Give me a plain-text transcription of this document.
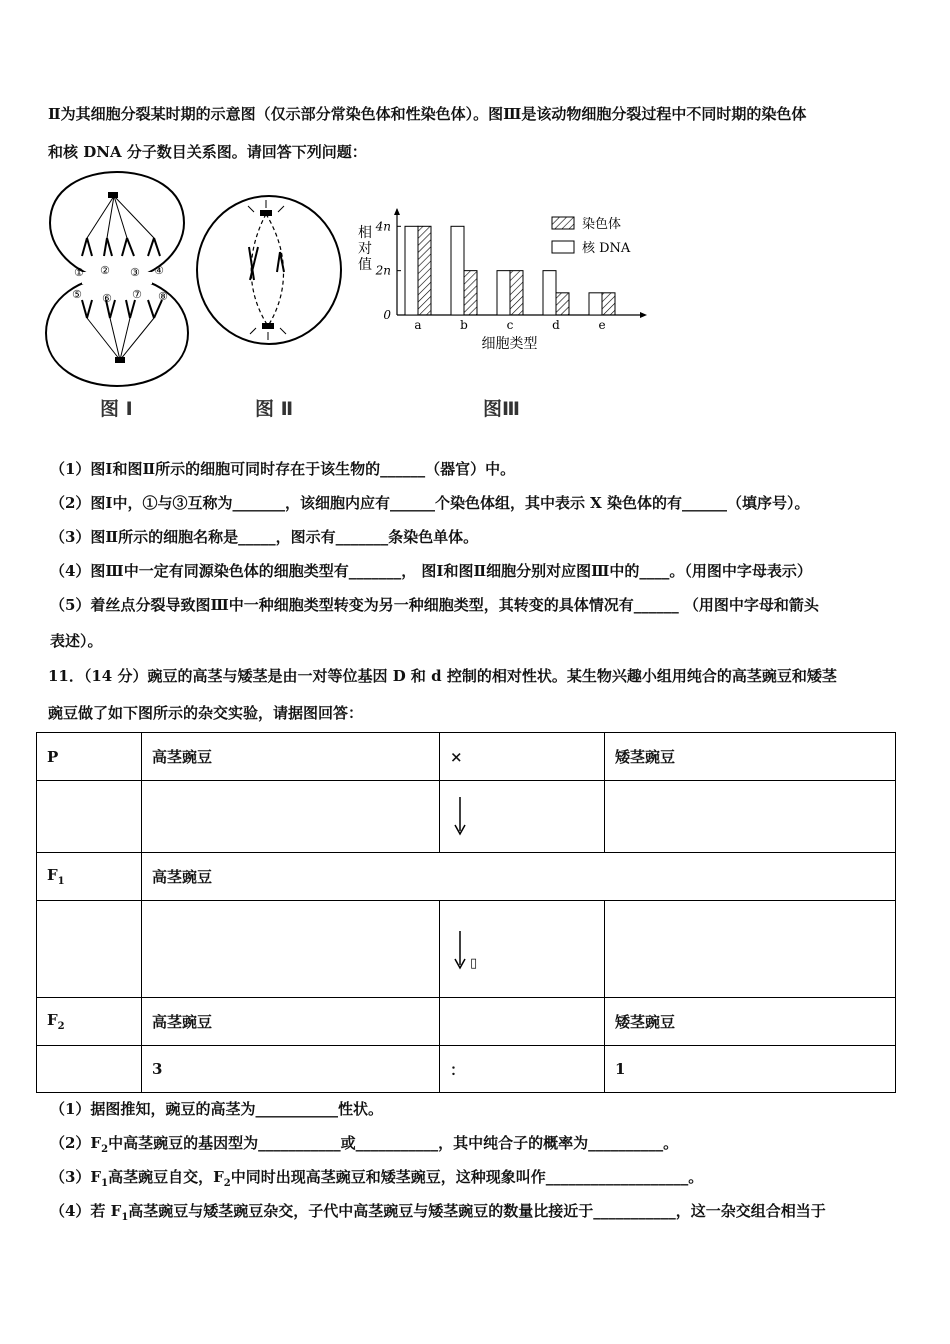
Ⅱ为其细胞分裂某时期的示意图（仅示部分常染色体和性染色体）。图Ⅲ是该动物细胞分裂过程中不同时期的染色体
和核 DNA 分子数目关系图。请回答下列问题：
① ② ③ ④
⑤ ⑥ ⑦ ⑧
图 Ⅰ	图 Ⅱ
相
对
值
0
2n
4n
a	b	c	d	e
细胞类型
染色体
核 DNA
图Ⅲ
（1）图Ⅰ和图Ⅱ所示的细胞可同时存在于该生物的______（器官）中。
（2）图Ⅰ中，①与③互称为_______，该细胞内应有______个染色体组，其中表示 X 染色体的有______（填序号）。
（3）图Ⅱ所示的细胞名称是_____，图示有_______条染色单体。
（4）图Ⅲ中一定有同源染色体的细胞类型有_______， 图Ⅰ和图Ⅱ细胞分别对应图Ⅲ中的____。（用图中字母表示）
（5）着丝点分裂导致图Ⅲ中一种细胞类型转变为另一种细胞类型，其转变的具体情况有______ （用图中字母和箭头
表述）。
11．（14 分）豌豆的高茎与矮茎是由一对等位基因 D 和 d 控制的相对性状。某生物兴趣小组用纯合的高茎豌豆和矮茎
豌豆做了如下图所示的杂交实验，请据图回答：
P	高茎豌豆	×	矮茎豌豆

$F_1$	高茎豌豆		
		▯	
$F_2$	高茎豌豆		矮茎豌豆
	3	：	1
（1）据图推知，豌豆的高茎为___________性状。
$(2)F_2$中高茎豌豆的基因型为___________或___________，其中纯合子的概率为__________。
$(3)F_1$高茎豌豆自交，$F_2$中同时出现高茎豌豆和矮茎豌豆，这种现象叫作___________________。
（4）若 $F_1$高茎豌豆与矮茎豌豆杂交，子代中高茎豌豆与矮茎豌豆的数量比接近于___________，这一杂交组合相当于
